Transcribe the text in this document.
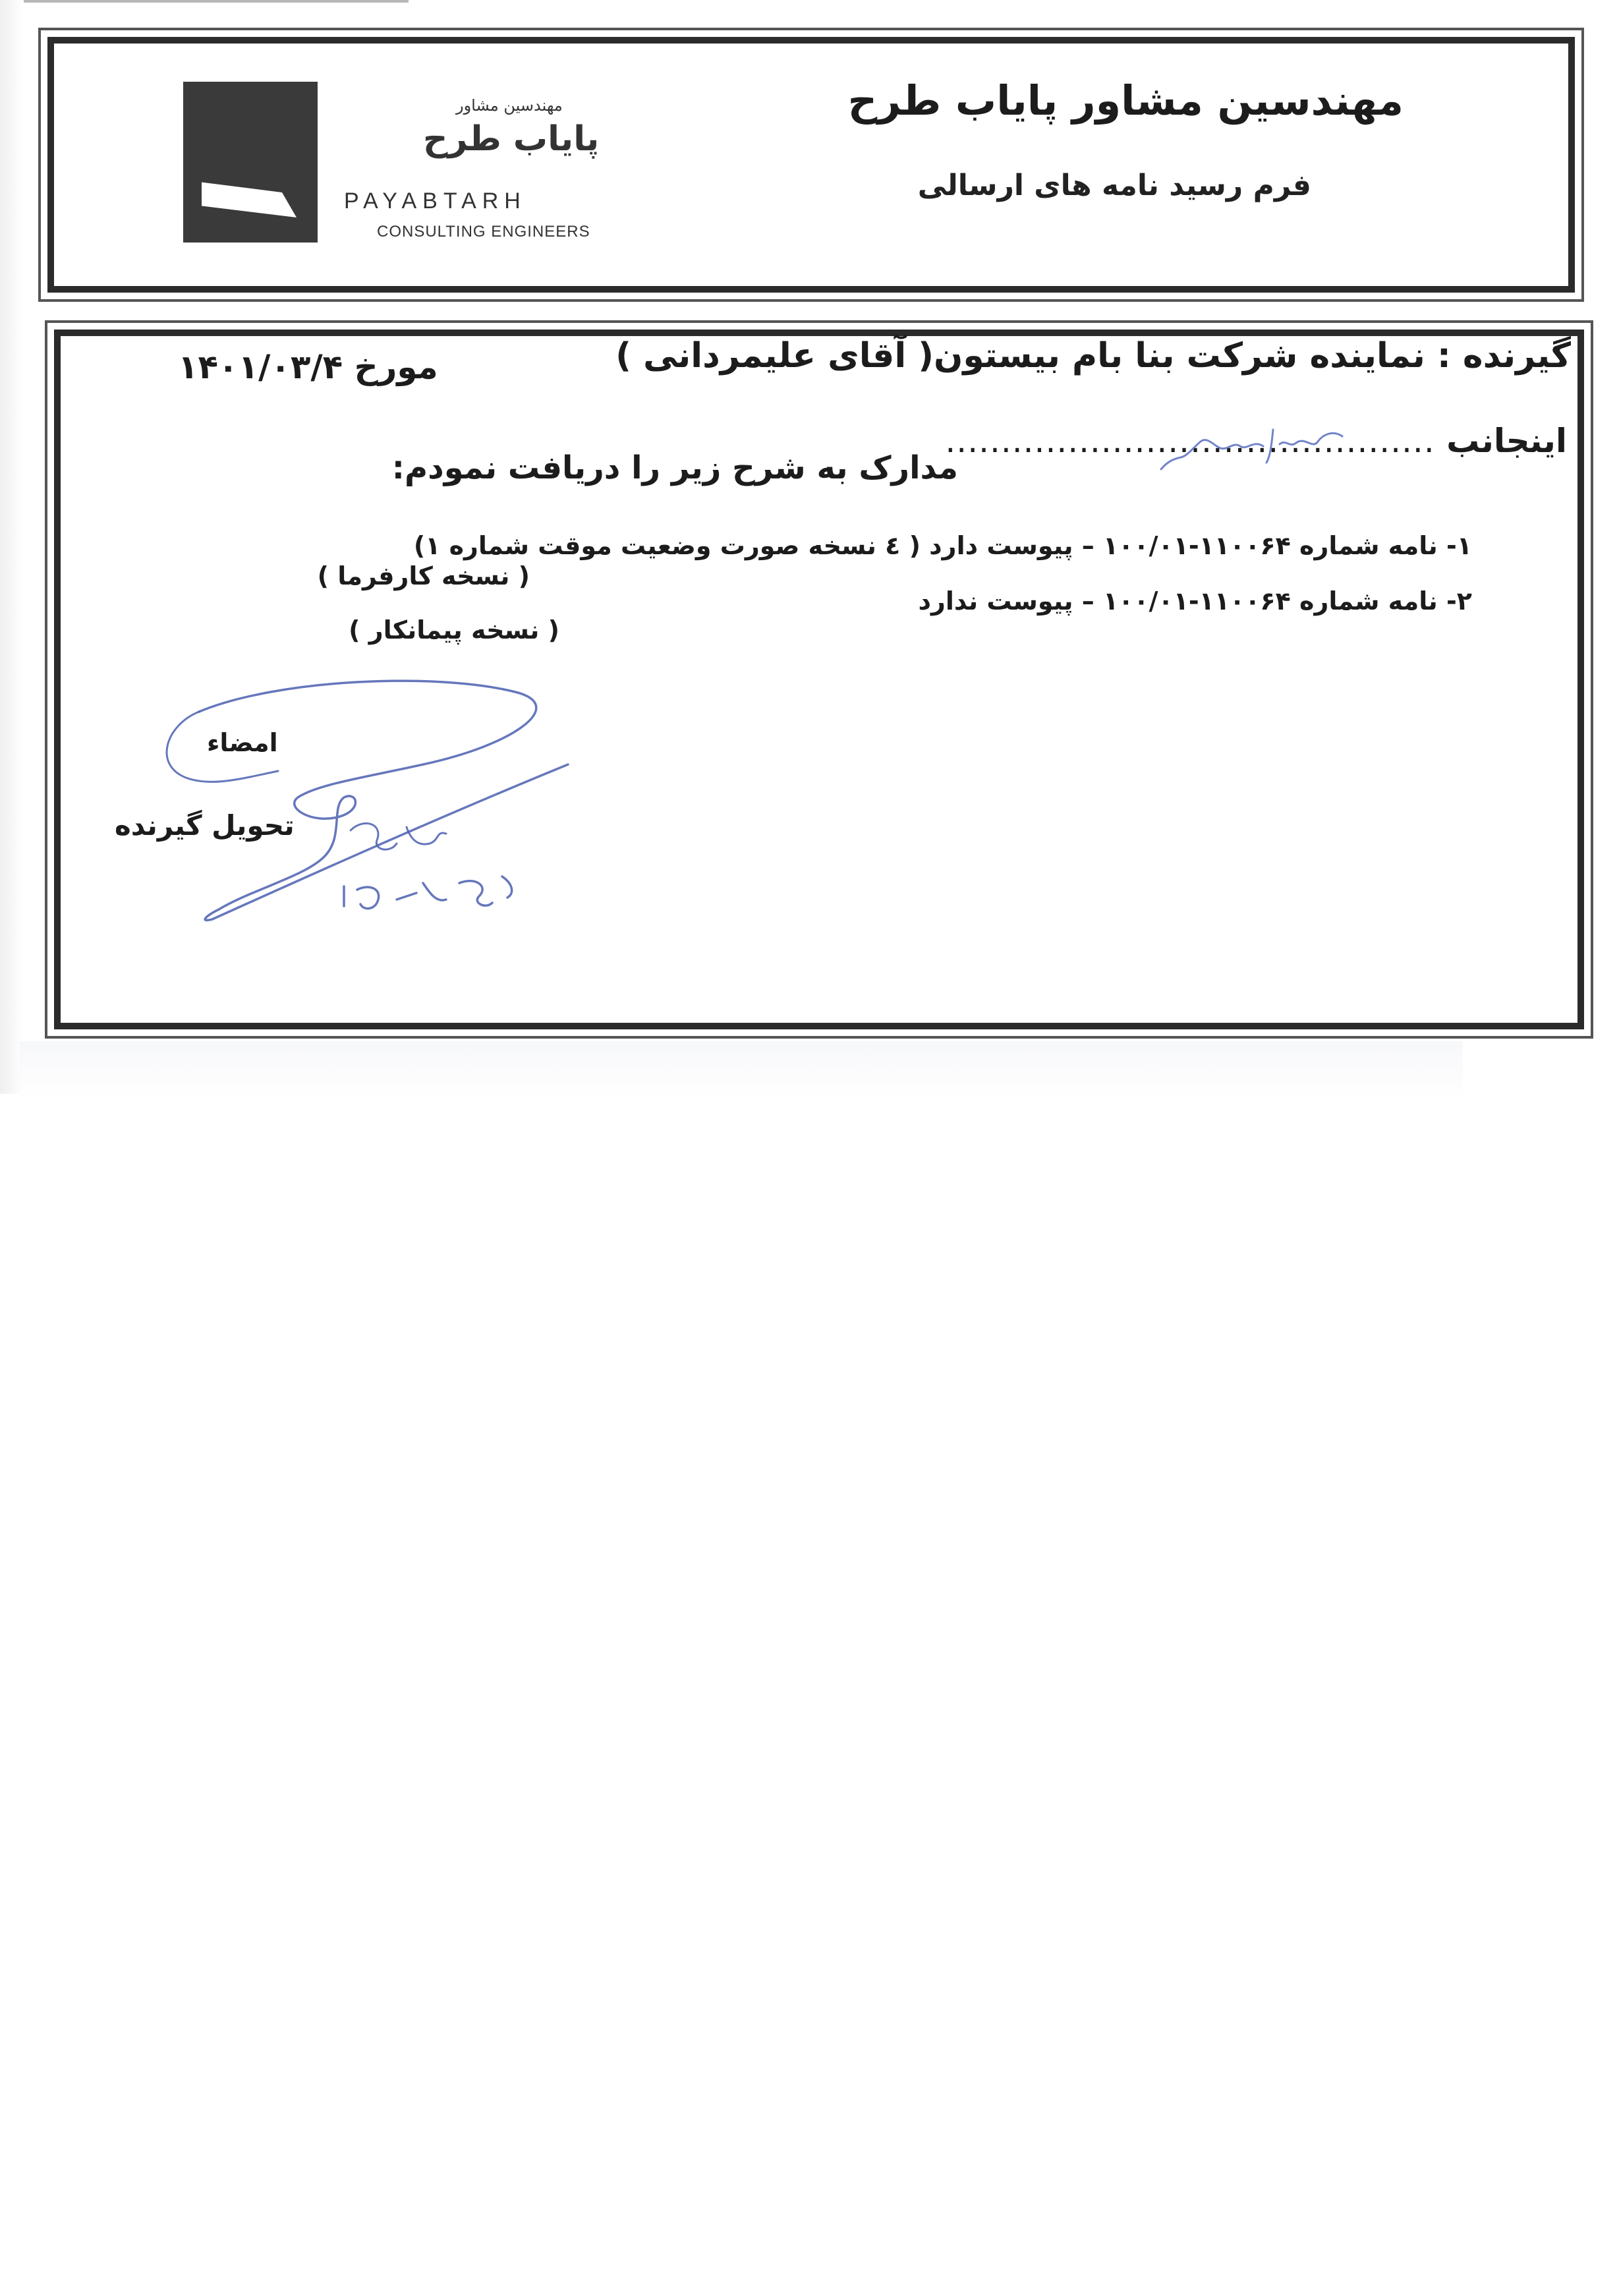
مهندسین مشاور
پایاب طرح
PAYABTARH
CONSULTING ENGINEERS
مهندسین مشاور پایاب طرح
فرم رسید نامه های ارسالی
گیرنده : نماینده شرکت بنا بام بیستون( آقای علیمردانی )
مورخ ۱۴۰۱/۰۳/۴
اینجانب ............................................
مدارک به شرح زیر را دریافت نمودم:
۱- نامه شماره ۱۱۰۰۶۴-۱۰۰/۰۱ – پیوست دارد ( ٤ نسخه صورت وضعیت موقت شماره ۱)
( نسخه کارفرما )
۲- نامه شماره ۱۱۰۰۶۴-۱۰۰/۰۱ – پیوست ندارد
( نسخه پیمانکار )
امضاء
تحویل گیرنده
